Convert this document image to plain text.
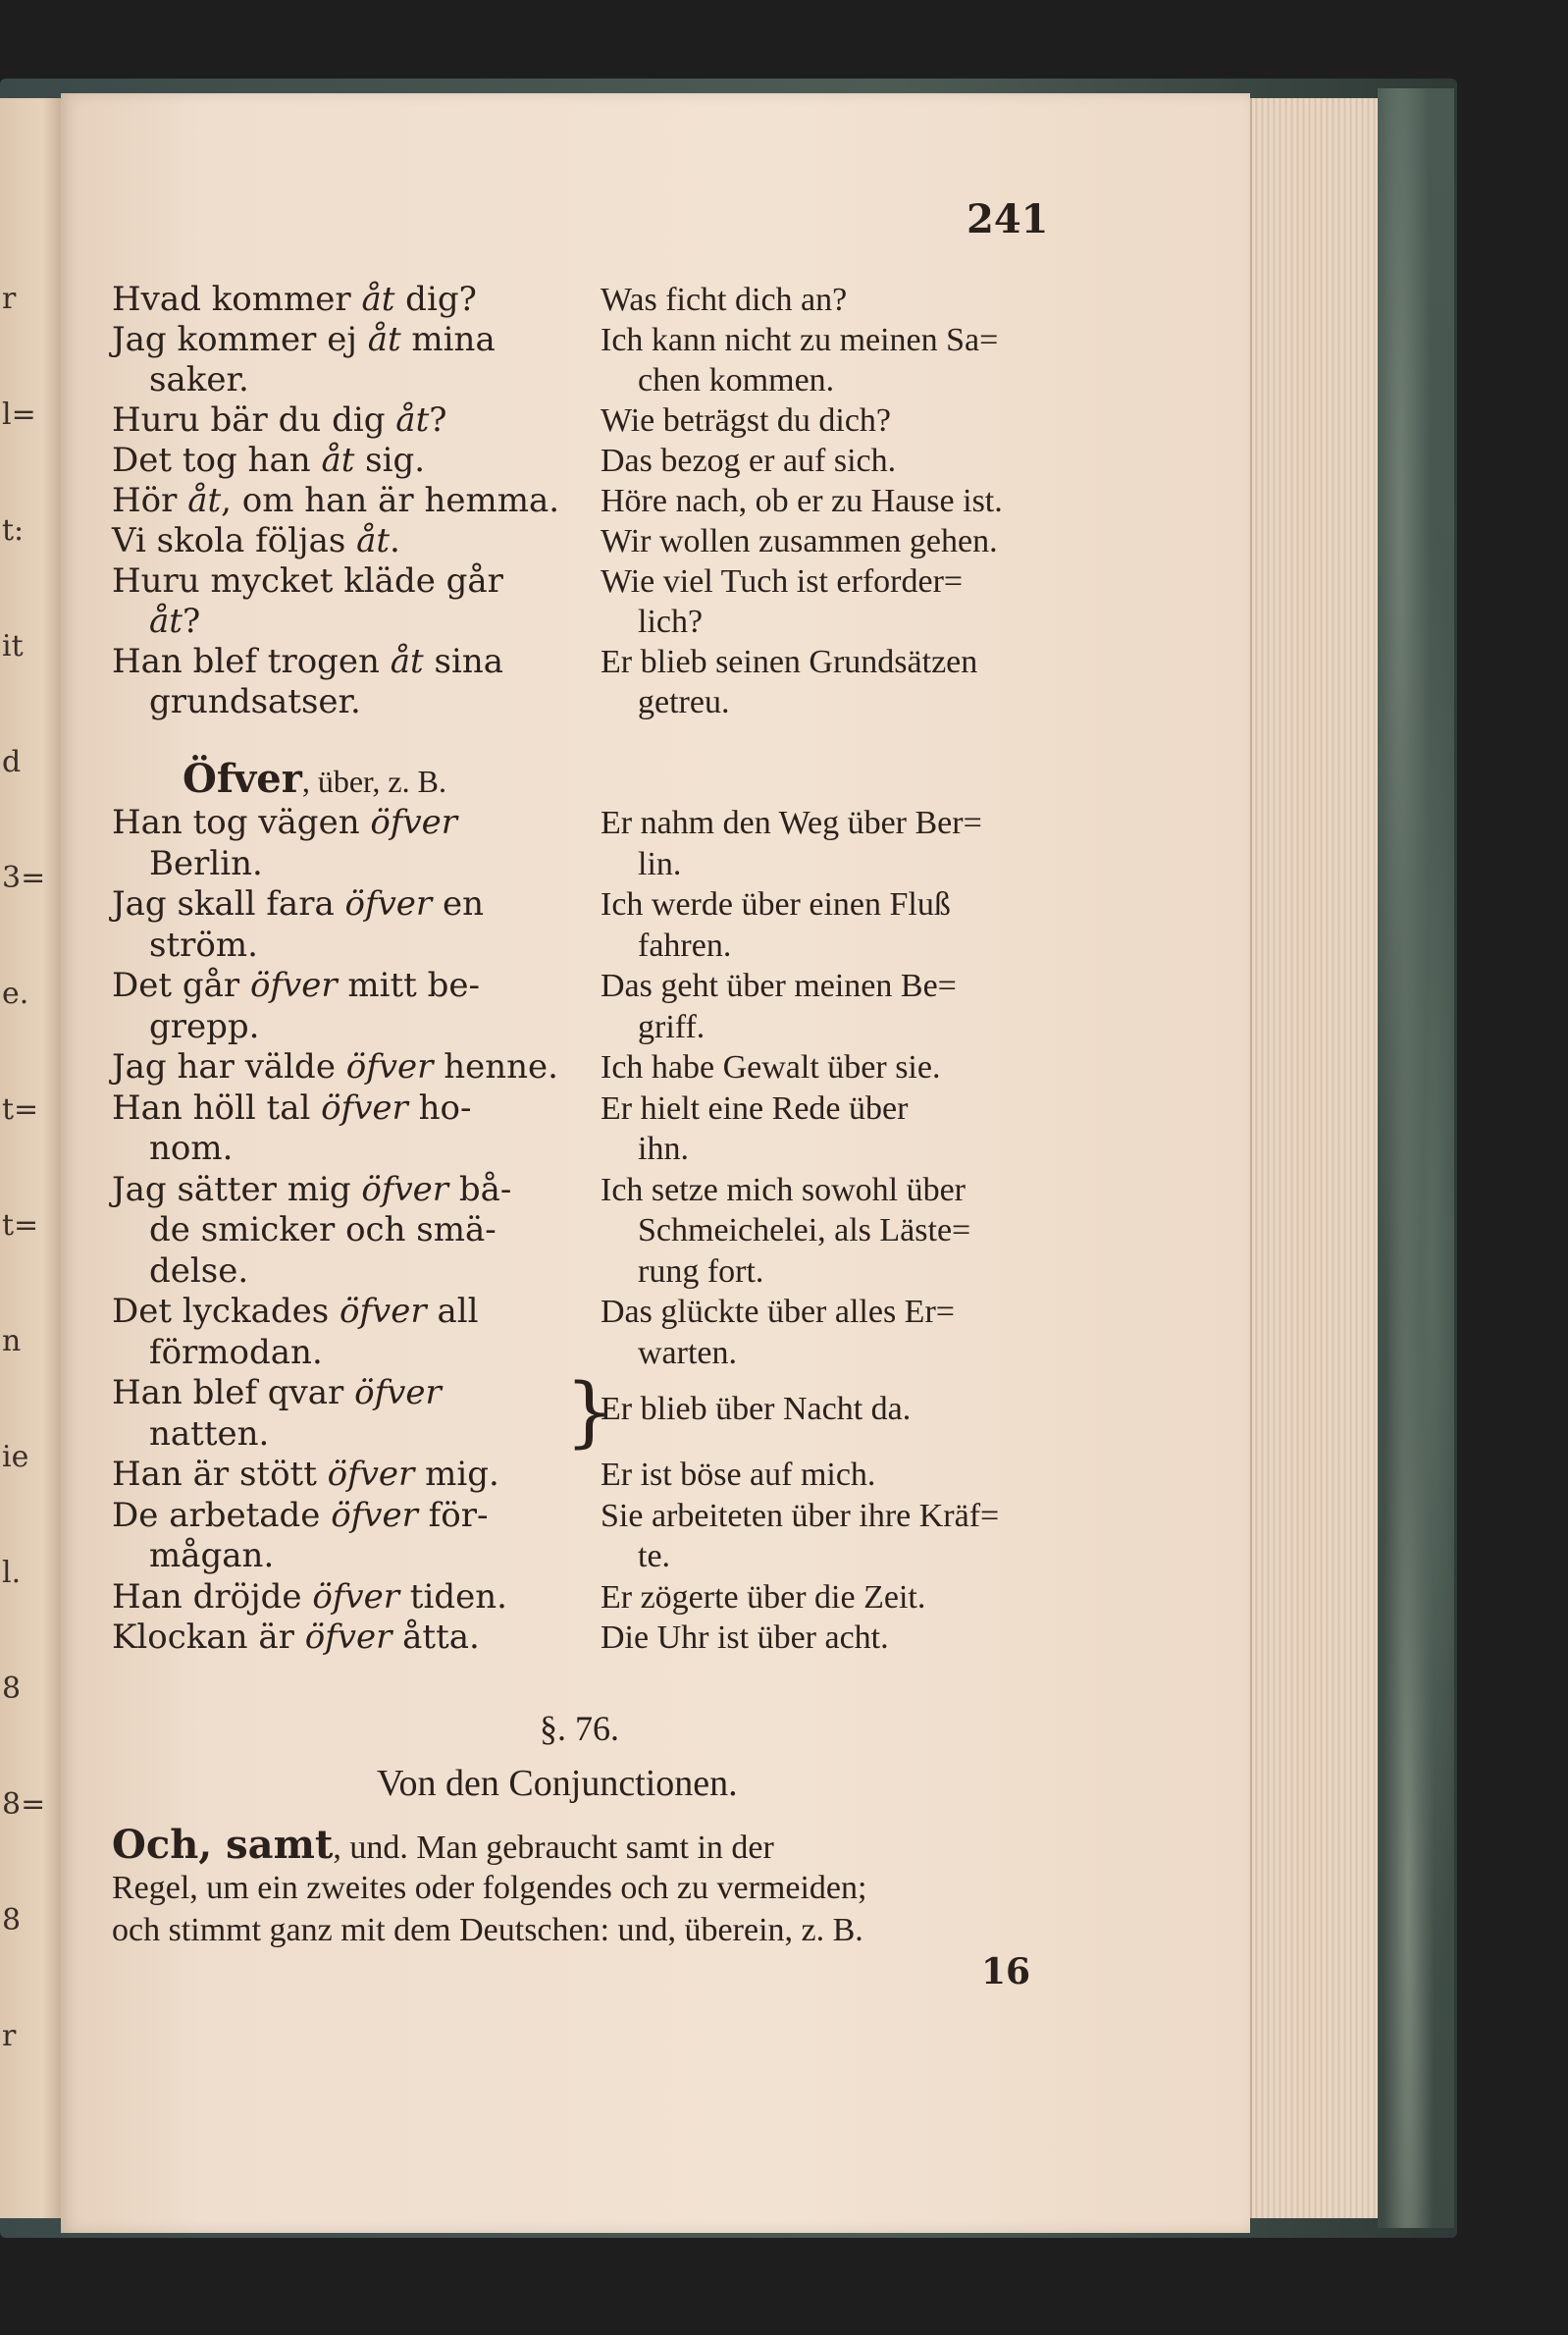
r
l=
t:
it
d
3=
e.
t=
t=
n
ie
l.
8
8=
8
r
241
Hvad kommer åt dig?
Jag kommer ej åt mina
saker.
Huru bär du dig åt?
Det tog han åt sig.
Hör åt, om han är hemma.
Vi skola följas åt.
Huru mycket kläde går
åt?
Han blef trogen åt sina
grundsatser.
Han tog vägen öfver
Berlin.
Jag skall fara öfver en
ström.
Det går öfver mitt be-
grepp.
Jag har välde öfver henne.
Han höll tal öfver ho-
nom.
Jag sätter mig öfver bå-
de smicker och smä-
delse.
Det lyckades öfver all
förmodan.
Han blef qvar öfver
natten.
Han är stött öfver mig.
De arbetade öfver för-
mågan.
Han dröjde öfver tiden.
Klockan är öfver åtta.
Was ficht dich an?
Ich kann nicht zu meinen Sa=
chen kommen.
Wie beträgst du dich?
Das bezog er auf sich.
Höre nach, ob er zu Hause ist.
Wir wollen zusammen gehen.
Wie viel Tuch ist erforder=
lich?
Er blieb seinen Grundsätzen
getreu.
Er nahm den Weg über Ber=
lin.
Ich werde über einen Fluß
fahren.
Das geht über meinen Be=
griff.
Ich habe Gewalt über sie.
Er hielt eine Rede über
ihn.
Ich setze mich sowohl über
Schmeichelei, als Läste=
rung fort.
Das glückte über alles Er=
warten.
Er ist böse auf mich.
Sie arbeiteten über ihre Kräf=
te.
Er zögerte über die Zeit.
Die Uhr ist über acht.
Öfver, über, z. B.
}
Er blieb über Nacht da.
§. 76.
Von den Conjunctionen.
Och, samt, und. Man gebraucht samt in der
Regel, um ein zweites oder folgendes och zu vermeiden;
och stimmt ganz mit dem Deutschen: und, überein, z. B.
16
